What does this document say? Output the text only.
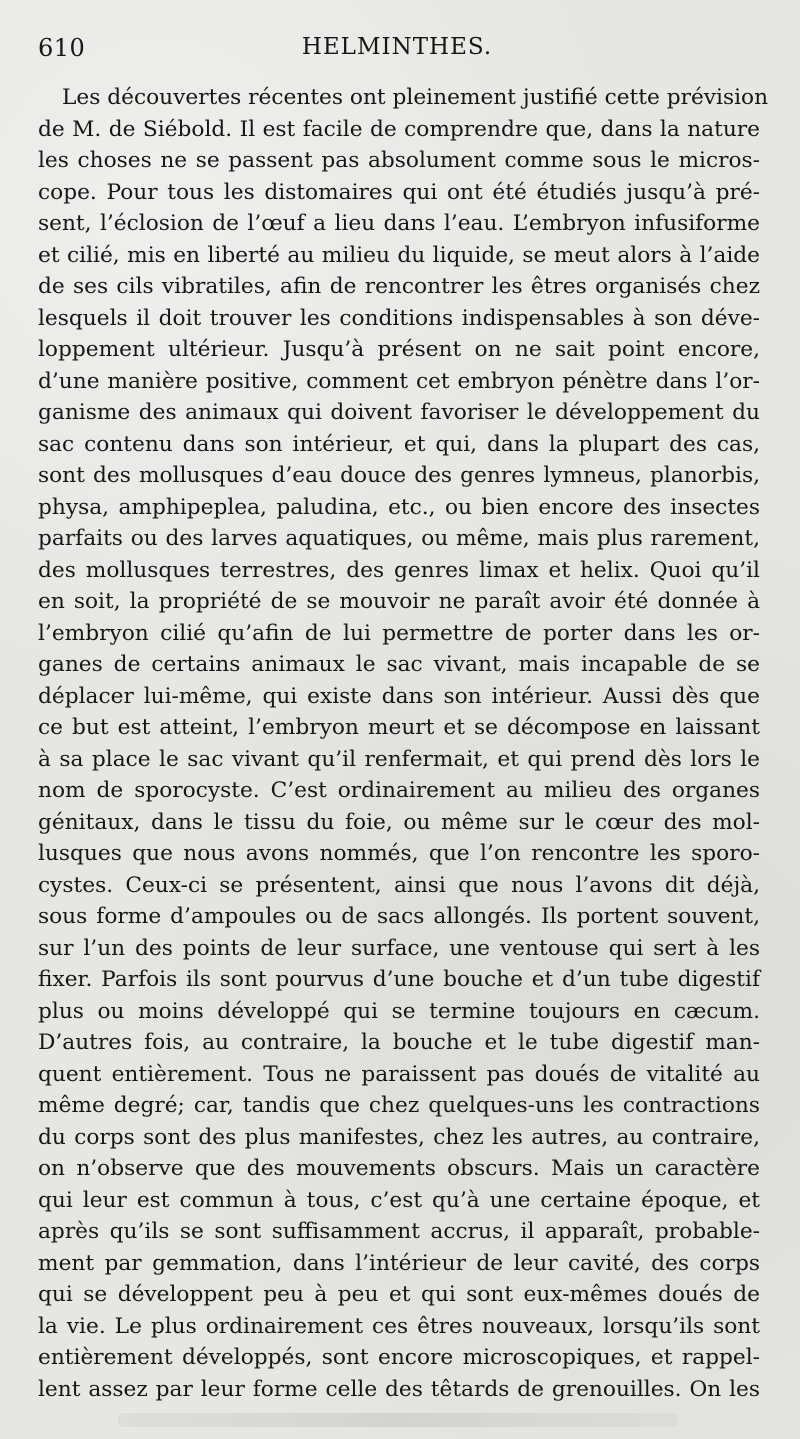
610	HELMINTHES.
Les découvertes récentes ont pleinement justifié cette prévision
de M. de Siébold. Il est facile de comprendre que, dans la nature
les choses ne se passent pas absolument comme sous le micros-
cope. Pour tous les distomaires qui ont été étudiés jusqu’à pré-
sent, l’éclosion de l’œuf a lieu dans l’eau. L’embryon infusiforme
et cilié, mis en liberté au milieu du liquide, se meut alors à l’aide
de ses cils vibratiles, afin de rencontrer les êtres organisés chez
lesquels il doit trouver les conditions indispensables à son déve-
loppement ultérieur. Jusqu’à présent on ne sait point encore,
d’une manière positive, comment cet embryon pénètre dans l’or-
ganisme des animaux qui doivent favoriser le développement du
sac contenu dans son intérieur, et qui, dans la plupart des cas,
sont des mollusques d’eau douce des genres lymneus, planorbis,
physa, amphipeplea, paludina, etc., ou bien encore des insectes
parfaits ou des larves aquatiques, ou même, mais plus rarement,
des mollusques terrestres, des genres limax et helix. Quoi qu’il
en soit, la propriété de se mouvoir ne paraît avoir été donnée à
l’embryon cilié qu’afin de lui permettre de porter dans les or-
ganes de certains animaux le sac vivant, mais incapable de se
déplacer lui-même, qui existe dans son intérieur. Aussi dès que
ce but est atteint, l’embryon meurt et se décompose en laissant
à sa place le sac vivant qu’il renfermait, et qui prend dès lors le
nom de sporocyste. C’est ordinairement au milieu des organes
génitaux, dans le tissu du foie, ou même sur le cœur des mol-
lusques que nous avons nommés, que l’on rencontre les sporo-
cystes. Ceux-ci se présentent, ainsi que nous l’avons dit déjà,
sous forme d’ampoules ou de sacs allongés. Ils portent souvent,
sur l’un des points de leur surface, une ventouse qui sert à les
fixer. Parfois ils sont pourvus d’une bouche et d’un tube digestif
plus ou moins développé qui se termine toujours en cæcum.
D’autres fois, au contraire, la bouche et le tube digestif man-
quent entièrement. Tous ne paraissent pas doués de vitalité au
même degré; car, tandis que chez quelques-uns les contractions
du corps sont des plus manifestes, chez les autres, au contraire,
on n’observe que des mouvements obscurs. Mais un caractère
qui leur est commun à tous, c’est qu’à une certaine époque, et
après qu’ils se sont suffisamment accrus, il apparaît, probable-
ment par gemmation, dans l’intérieur de leur cavité, des corps
qui se développent peu à peu et qui sont eux-mêmes doués de
la vie. Le plus ordinairement ces êtres nouveaux, lorsqu’ils sont
entièrement développés, sont encore microscopiques, et rappel-
lent assez par leur forme celle des têtards de grenouilles. On les
